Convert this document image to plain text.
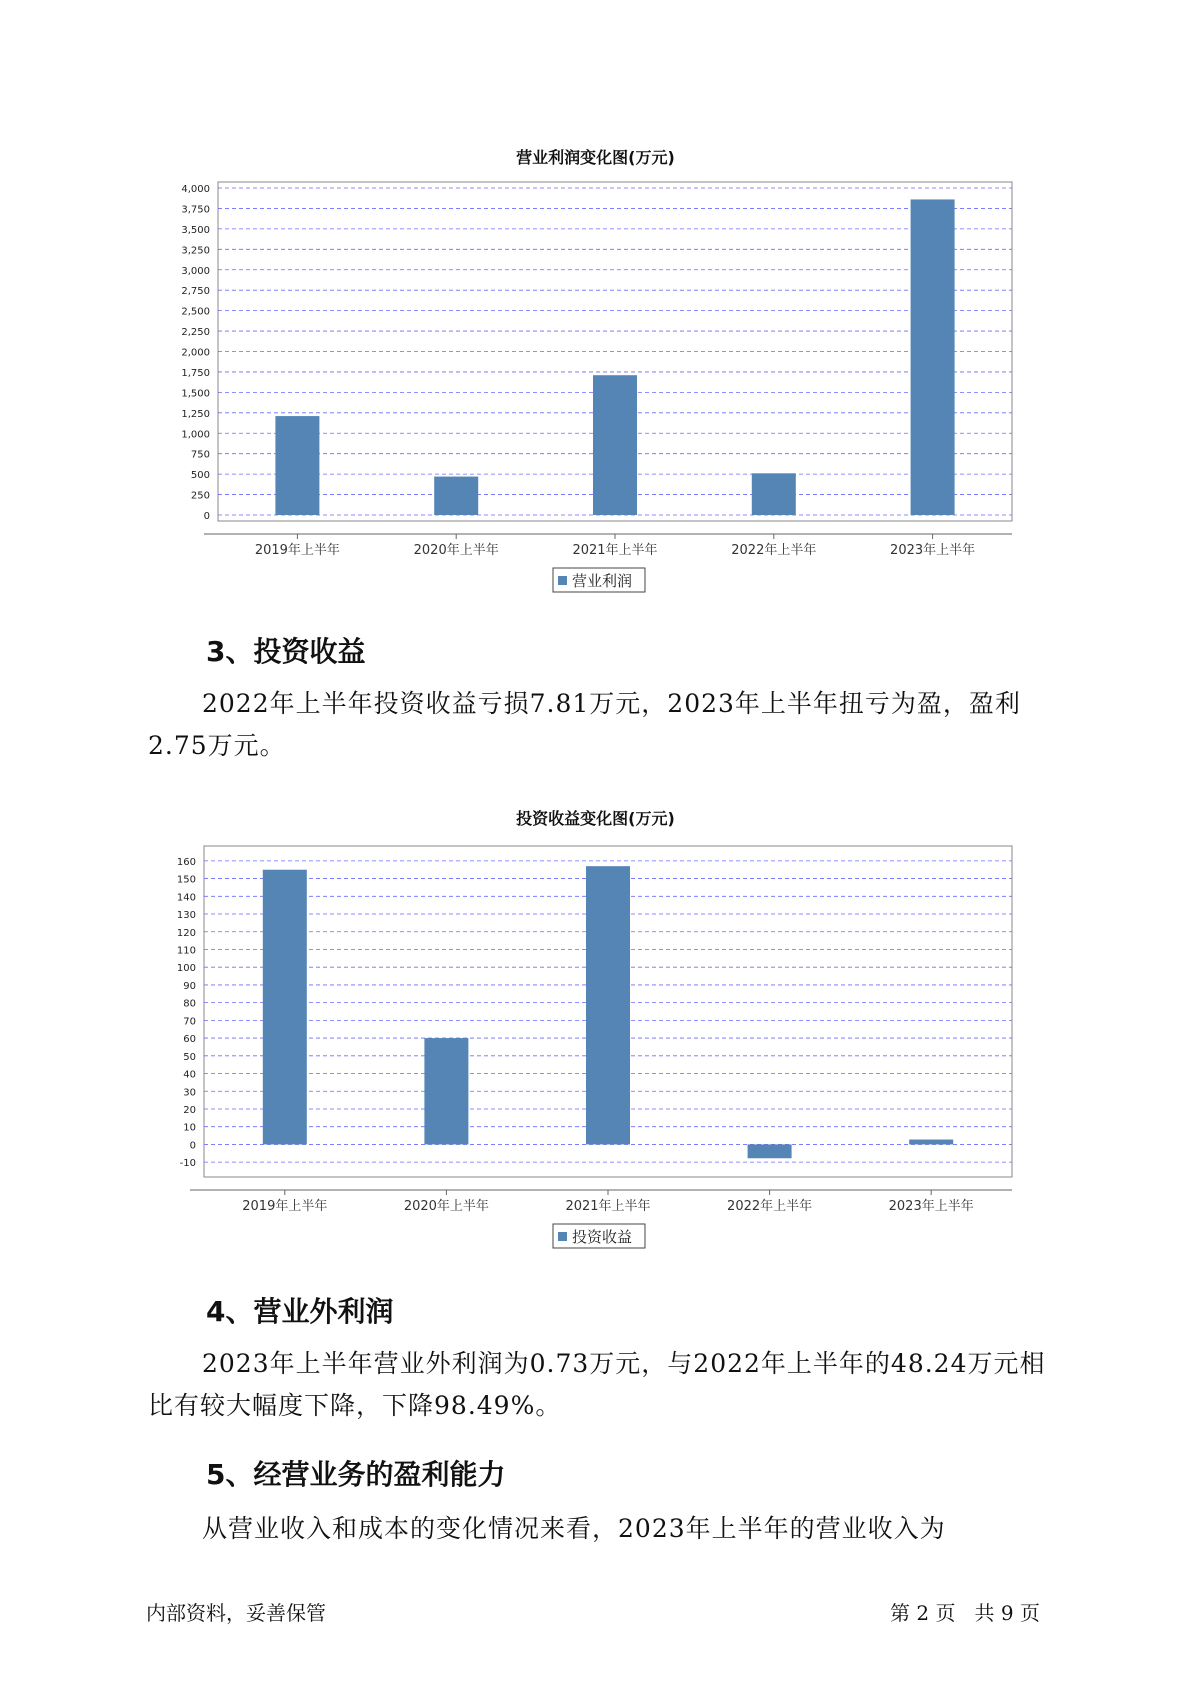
营业利润变化图(万元)
0
250
500
750
1,000
1,250
1,500
1,750
2,000
2,250
2,500
2,750
3,000
3,250
3,500
3,750
4,000
2019年上半年	2020年上半年	2021年上半年	2022年上半年	2023年上半年
营业利润
3、投资收益

2022年上半年投资收益亏损7.81万元，2023年上半年扭亏为盈，盈利2.75万元。

投资收益变化图(万元)
-10
0
10
20
30
40
50
60
70
80
90
100
110
120
130
140
150
160
2019年上半年	2020年上半年	2021年上半年	2022年上半年	2023年上半年
投资收益
4、营业外利润

2023年上半年营业外利润为0.73万元，与2022年上半年的48.24万元相比有较大幅度下降，下降98.49%。

5、经营业务的盈利能力

从营业收入和成本的变化情况来看，2023年上半年的营业收入为

内部资料，妥善保管	第 2 页   共 9 页
